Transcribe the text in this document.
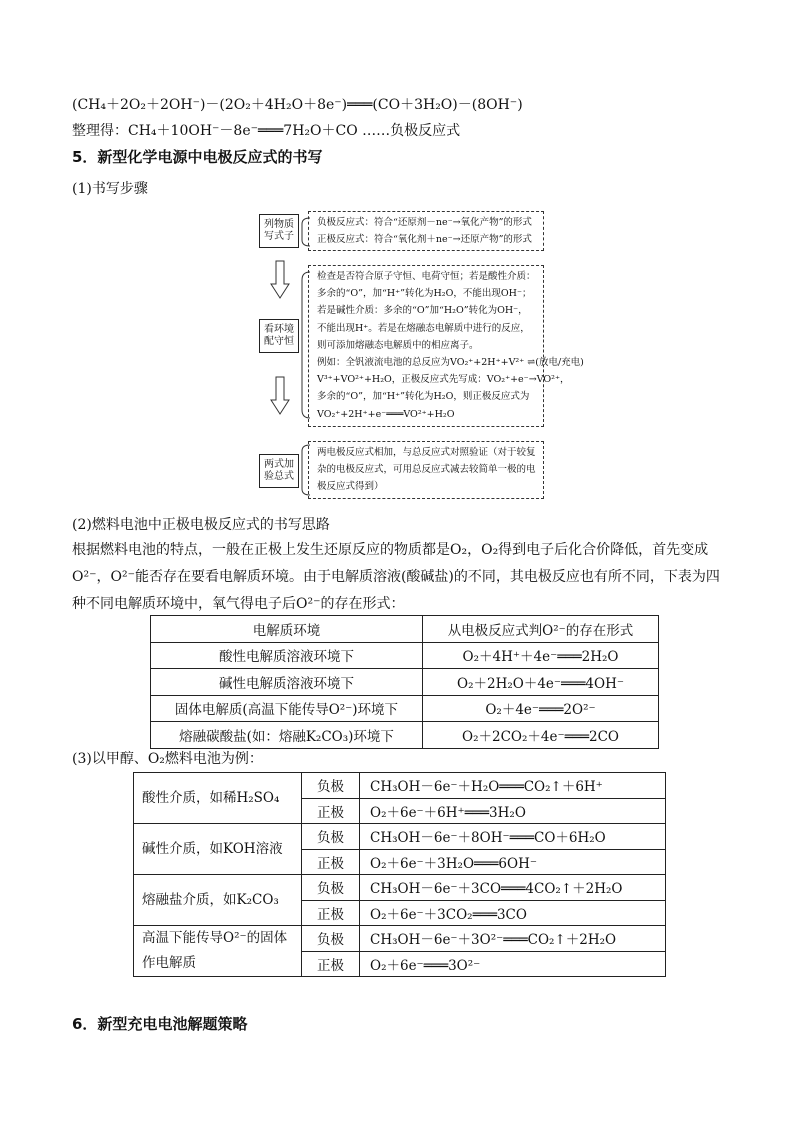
(CH₄＋2O₂＋2OH⁻)－(2O₂＋4H₂O＋8e⁻)═══(CO＋3H₂O)－(8OH⁻)
整理得：CH₄＋10OH⁻－8e⁻═══7H₂O＋CO ……负极反应式
5．新型化学电源中电极反应式的书写
(1)书写步骤
列物质
写式子
看环境
配守恒
两式加
验总式
负极反应式：符合“还原剂－ne⁻→氧化产物”的形式
正极反应式：符合“氧化剂＋ne⁻→还原产物”的形式
检查是否符合原子守恒、电荷守恒；若是酸性介质：
多余的“O”，加“H⁺”转化为H₂O，不能出现OH⁻；
若是碱性介质：多余的“O”加“H₂O”转化为OH⁻，
不能出现H⁺。若是在熔融态电解质中进行的反应，
则可添加熔融态电解质中的相应离子。
例如：全钒液流电池的总反应为VO₂⁺+2H⁺+V²⁺ ⇌(放电/充电)
V³⁺+VO²⁺+H₂O，正极反应式先写成：VO₂⁺+e⁻→VO²⁺，
多余的“O”，加“H⁺”转化为H₂O，则正极反应式为
VO₂⁺+2H⁺+e⁻═══VO²⁺+H₂O
两电极反应式相加，与总反应式对照验证（对于较复
杂的电极反应式，可用总反应式减去较简单一极的电
极反应式得到）
(2)燃料电池中正极电极反应式的书写思路
根据燃料电池的特点，一般在正极上发生还原反应的物质都是O₂，O₂得到电子后化合价降低，首先变成O²⁻，O²⁻能否存在要看电解质环境。由于电解质溶液(酸碱盐)的不同，其电极反应也有所不同，下表为四种不同电解质环境中，氧气得电子后O²⁻的存在形式：
电解质环境	从电极反应式判O²⁻的存在形式
酸性电解质溶液环境下	O₂＋4H⁺＋4e⁻═══2H₂O
碱性电解质溶液环境下	O₂＋2H₂O＋4e⁻═══4OH⁻
固体电解质(高温下能传导O²⁻)环境下	O₂＋4e⁻═══2O²⁻
熔融碳酸盐(如：熔融K₂CO₃)环境下	O₂＋2CO₂＋4e⁻═══2CO
(3)以甲醇、O₂燃料电池为例：
酸性介质，如稀H₂SO₄	负极	CH₃OH－6e⁻＋H₂O═══CO₂↑＋6H⁺
	正极	O₂＋6e⁻＋6H⁺═══3H₂O
碱性介质，如KOH溶液	负极	CH₃OH－6e⁻＋8OH⁻═══CO＋6H₂O
	正极	O₂＋6e⁻＋3H₂O═══6OH⁻
熔融盐介质，如K₂CO₃	负极	CH₃OH－6e⁻＋3CO═══4CO₂↑＋2H₂O
	正极	O₂＋6e⁻＋3CO₂═══3CO
高温下能传导O²⁻的固体作电解质	负极	CH₃OH－6e⁻＋3O²⁻═══CO₂↑＋2H₂O
	正极	O₂＋6e⁻═══3O²⁻
6．新型充电电池解题策略
